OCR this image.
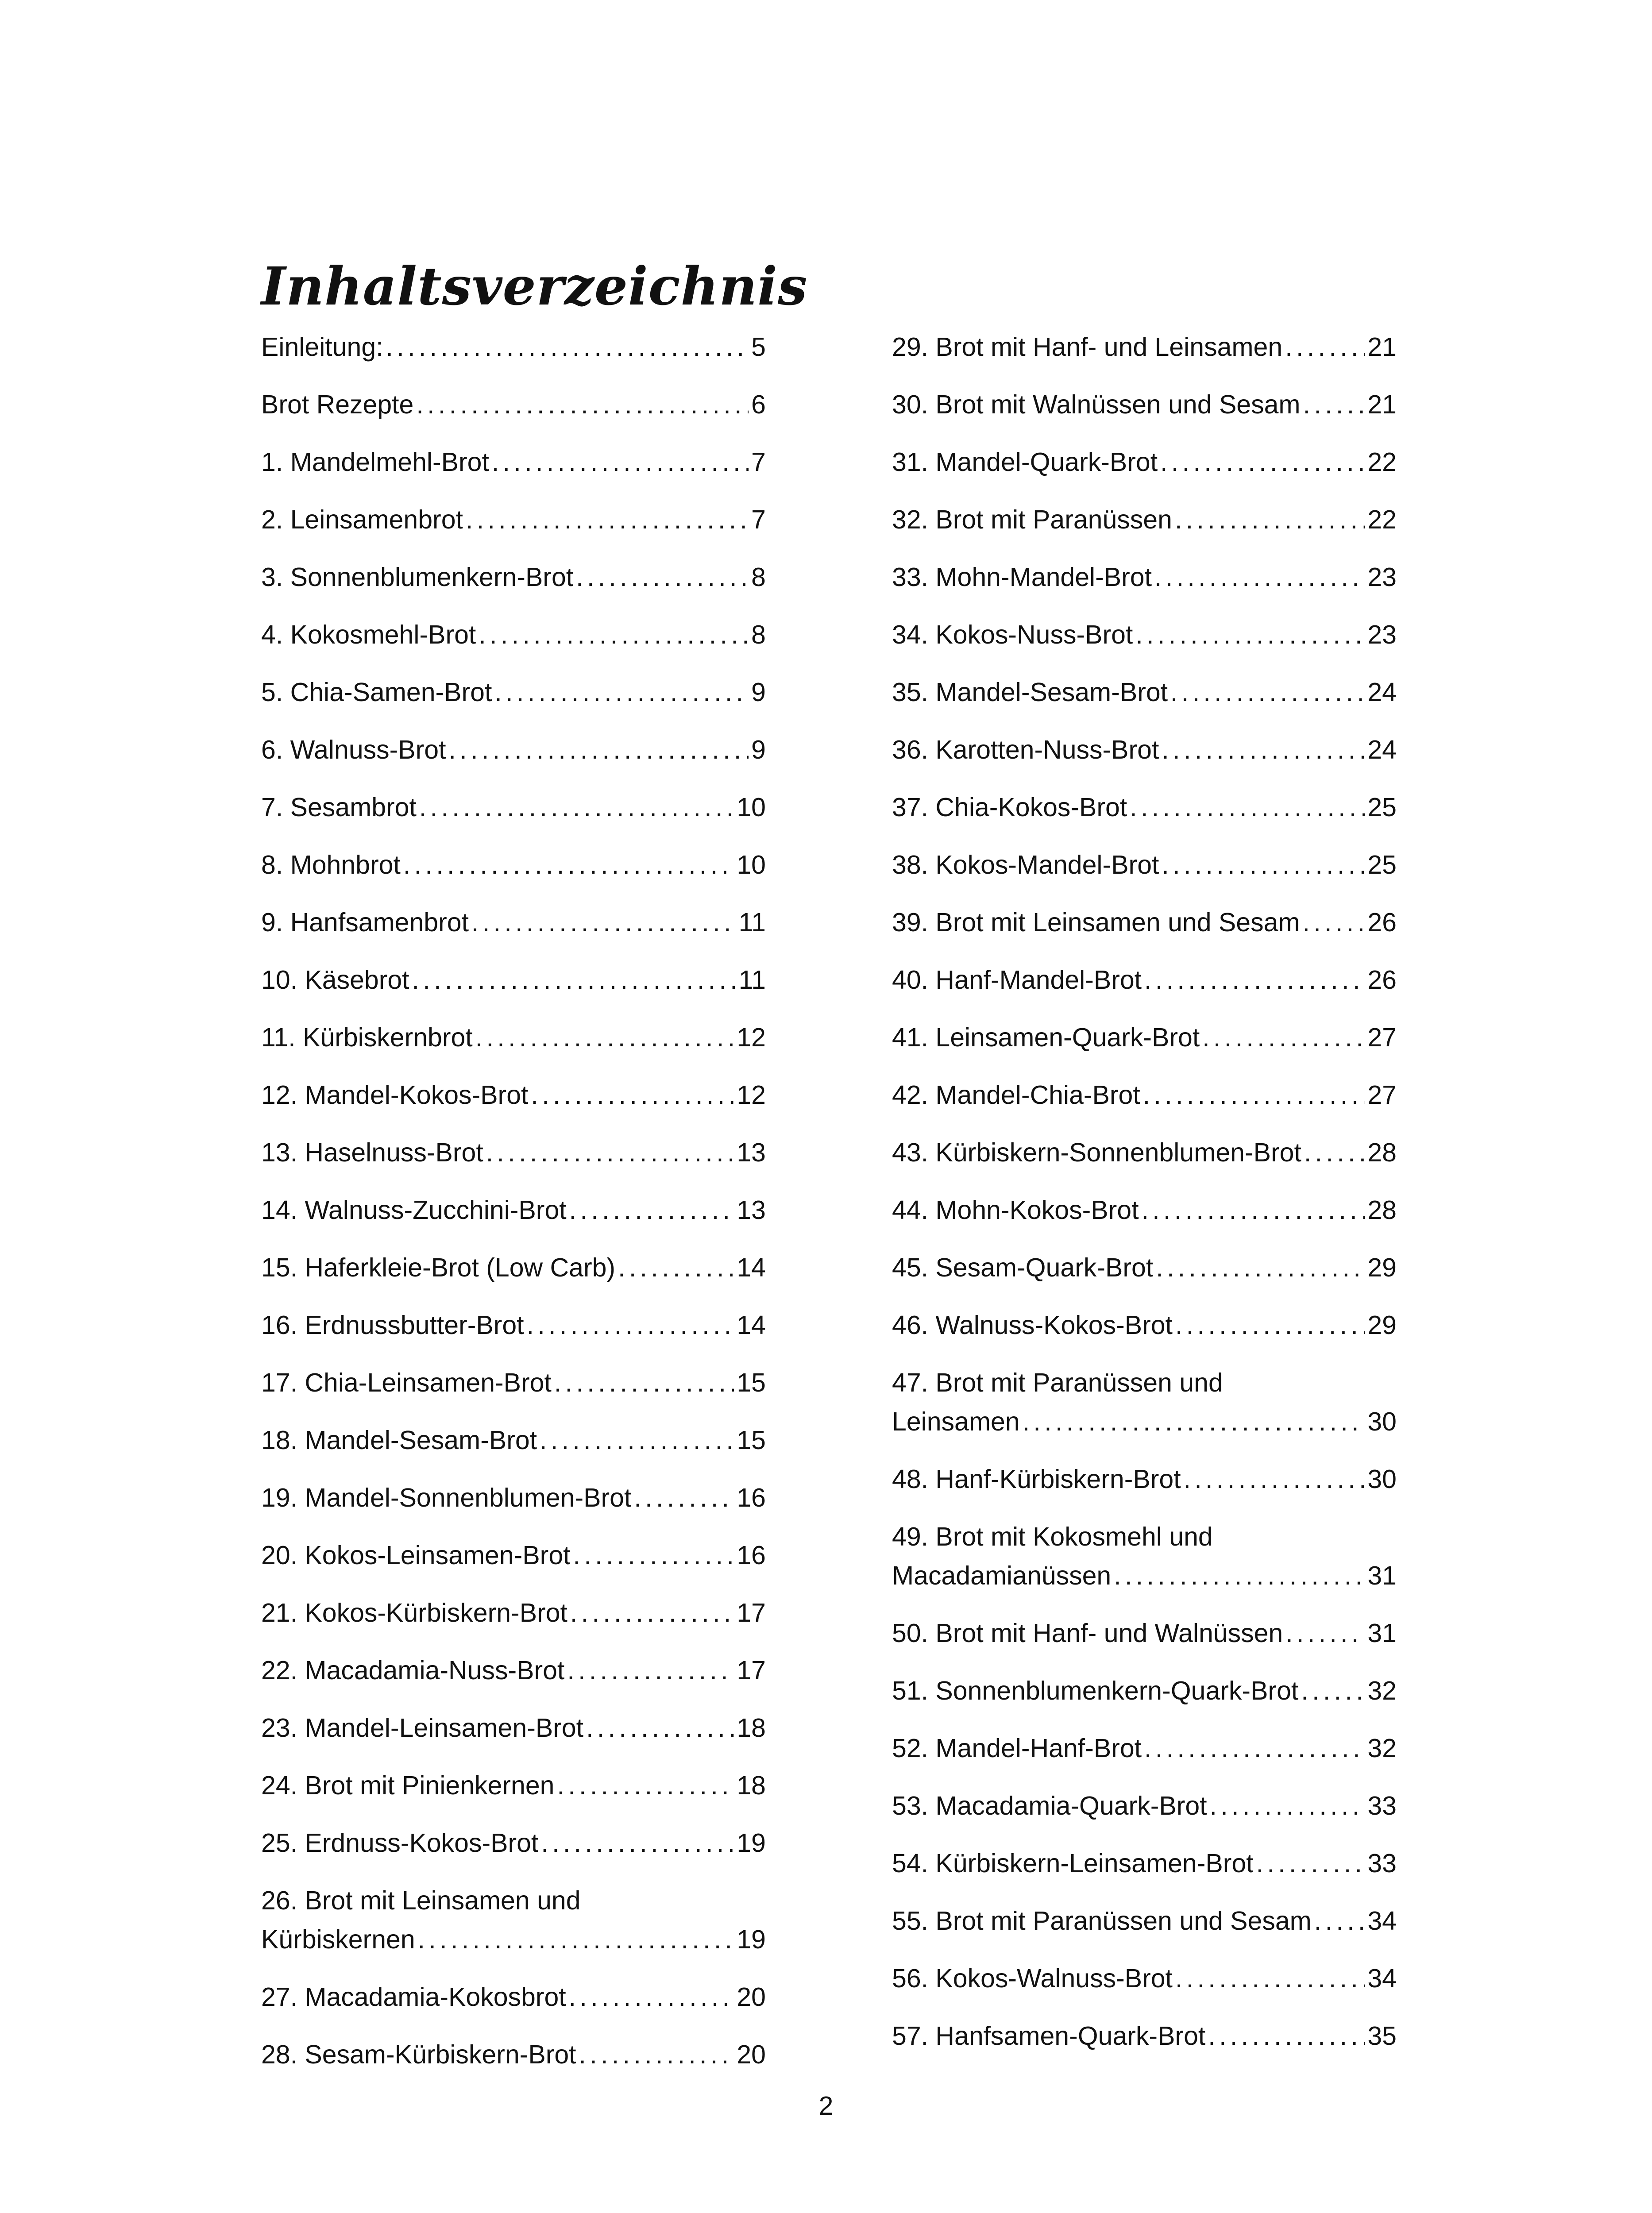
Inhaltsverzeichnis
Einleitung: . . .	5
Brot Rezepte . . .	6
1. Mandelmehl-Brot . . .	7
2. Leinsamenbrot . . .	7
3. Sonnenblumenkern-Brot . . .	8
4. Kokosmehl-Brot . . .	8
5. Chia-Samen-Brot . . .	9
6. Walnuss-Brot . . .	9
7. Sesambrot . . .	10
8. Mohnbrot . . .	10
9. Hanfsamenbrot . . .	11
10. Käsebrot . . .	11
11. Kürbiskernbrot . . .	12
12. Mandel-Kokos-Brot . . .	12
13. Haselnuss-Brot . . .	13
14. Walnuss-Zucchini-Brot . . .	13
15. Haferkleie-Brot (Low Carb) . . .	14
16. Erdnussbutter-Brot . . .	14
17. Chia-Leinsamen-Brot . . .	15
18. Mandel-Sesam-Brot . . .	15
19. Mandel-Sonnenblumen-Brot . . .	16
20. Kokos-Leinsamen-Brot . . .	16
21. Kokos-Kürbiskern-Brot . . .	17
22. Macadamia-Nuss-Brot . . .	17
23. Mandel-Leinsamen-Brot . . .	18
24. Brot mit Pinienkernen . . .	18
25. Erdnuss-Kokos-Brot . . .	19
26. Brot mit Leinsamen und
Kürbiskernen . . .	19
27. Macadamia-Kokosbrot . . .	20
28. Sesam-Kürbiskern-Brot . . .	20
29. Brot mit Hanf- und Leinsamen . . .	21
30. Brot mit Walnüssen und Sesam . . .	21
31. Mandel-Quark-Brot . . .	22
32. Brot mit Paranüssen . . .	22
33. Mohn-Mandel-Brot . . .	23
34. Kokos-Nuss-Brot . . .	23
35. Mandel-Sesam-Brot . . .	24
36. Karotten-Nuss-Brot . . .	24
37. Chia-Kokos-Brot . . .	25
38. Kokos-Mandel-Brot . . .	25
39. Brot mit Leinsamen und Sesam . . .	26
40. Hanf-Mandel-Brot . . .	26
41. Leinsamen-Quark-Brot . . .	27
42. Mandel-Chia-Brot . . .	27
43. Kürbiskern-Sonnenblumen-Brot . . .	28
44. Mohn-Kokos-Brot . . .	28
45. Sesam-Quark-Brot . . .	29
46. Walnuss-Kokos-Brot . . .	29
47. Brot mit Paranüssen und
Leinsamen . . .	30
48. Hanf-Kürbiskern-Brot . . .	30
49. Brot mit Kokosmehl und
Macadamianüssen . . .	31
50. Brot mit Hanf- und Walnüssen . . .	31
51. Sonnenblumenkern-Quark-Brot . . .	32
52. Mandel-Hanf-Brot . . .	32
53. Macadamia-Quark-Brot . . .	33
54. Kürbiskern-Leinsamen-Brot . . .	33
55. Brot mit Paranüssen und Sesam . . . 34
56. Kokos-Walnuss-Brot . . .	34
57. Hanfsamen-Quark-Brot . . .	35
2
